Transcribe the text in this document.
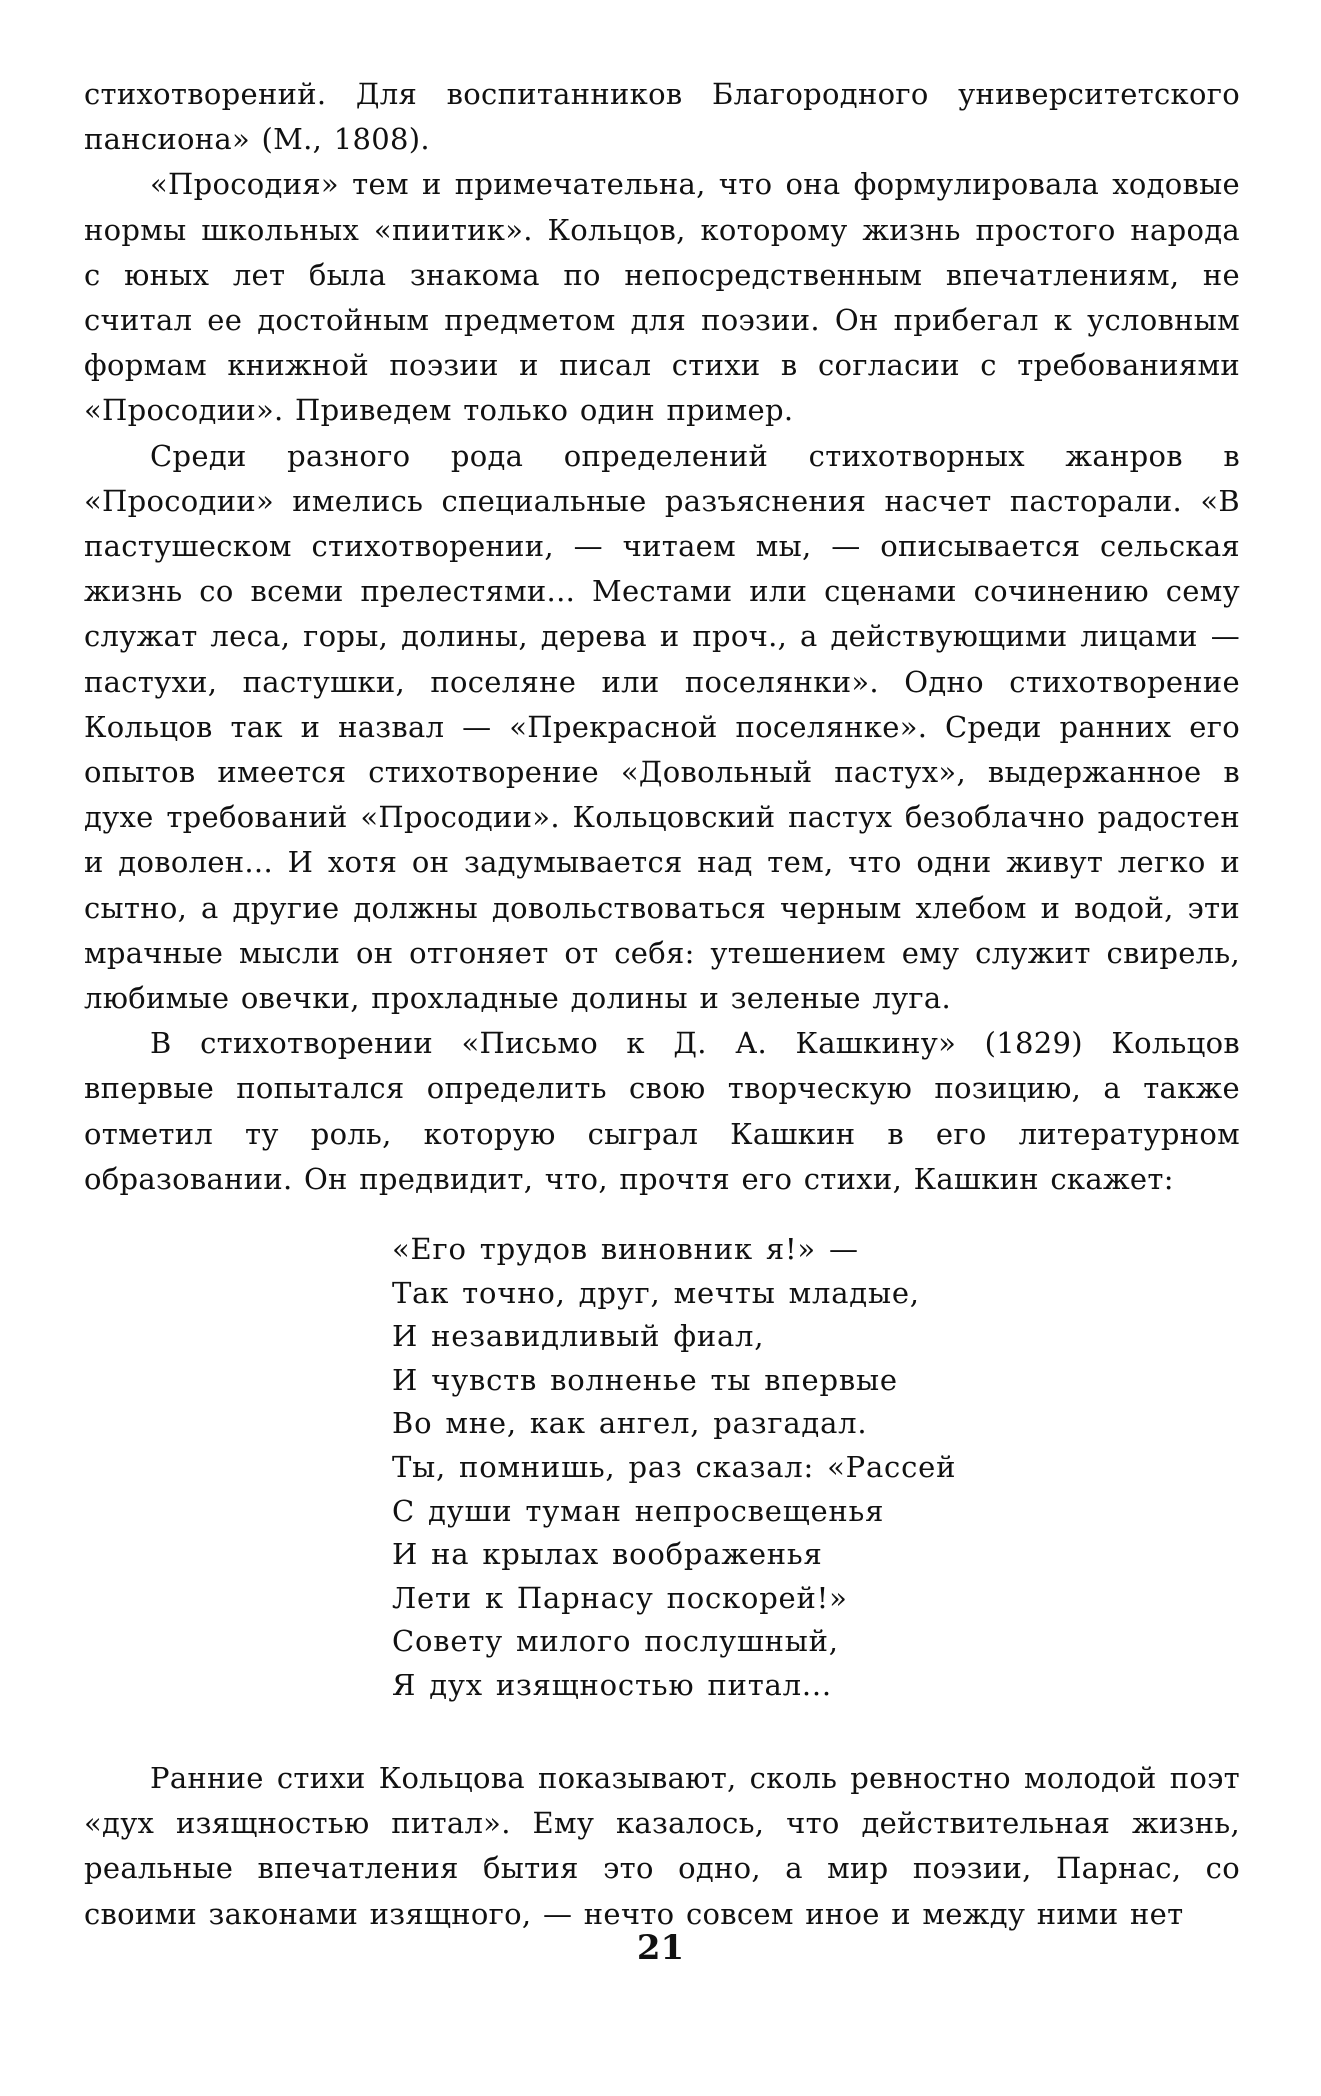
стихотворений. Для воспитанников Благородного университетского пансиона» (М., 1808).

«Просодия» тем и примечательна, что она формулировала ходовые нормы школьных «пиитик». Кольцов, которому жизнь простого народа с юных лет была знакома по непосредственным впечатлениям, не считал ее достойным предметом для поэзии. Он прибегал к условным формам книжной поэзии и писал стихи в согласии с требованиями «Просодии». Приведем только один пример.

Среди разного рода определений стихотворных жанров в «Просодии» имелись специальные разъяснения насчет пасторали. «В пастушеском стихотворении, — читаем мы, — описывается сельская жизнь со всеми прелестями... Местами или сценами сочинению сему служат леса, горы, долины, дерева и проч., а действующими лицами — пастухи, пастушки, поселяне или поселянки». Одно стихотворение Кольцов так и назвал — «Прекрасной поселянке». Среди ранних его опытов имеется стихотворение «Довольный пастух», выдержанное в духе требований «Просодии». Кольцовский пастух безоблачно радостен и доволен... И хотя он задумывается над тем, что одни живут легко и сытно, а другие должны довольствоваться черным хлебом и водой, эти мрачные мысли он отгоняет от себя: утешением ему служит свирель, любимые овечки, прохладные долины и зеленые луга.

В стихотворении «Письмо к Д. А. Кашкину» (1829) Кольцов впервые попытался определить свою творческую позицию, а также отметил ту роль, которую сыграл Кашкин в его литературном образовании. Он предвидит, что, прочтя его стихи, Кашкин скажет:

«Его трудов виновник я!» —
Так точно, друг, мечты младые,
И незавидливый фиал,
И чувств волненье ты впервые
Во мне, как ангел, разгадал.
Ты, помнишь, раз сказал: «Рассей
С души туман непросвещенья
И на крылах воображенья
Лети к Парнасу поскорей!»
Совету милого послушный,
Я дух изящностью питал...

Ранние стихи Кольцова показывают, сколь ревностно молодой поэт «дух изящностью питал». Ему казалось, что действительная жизнь, реальные впечатления бытия это одно, а мир поэзии, Парнас, со своими законами изящного, — нечто совсем иное и между ними нет

21
